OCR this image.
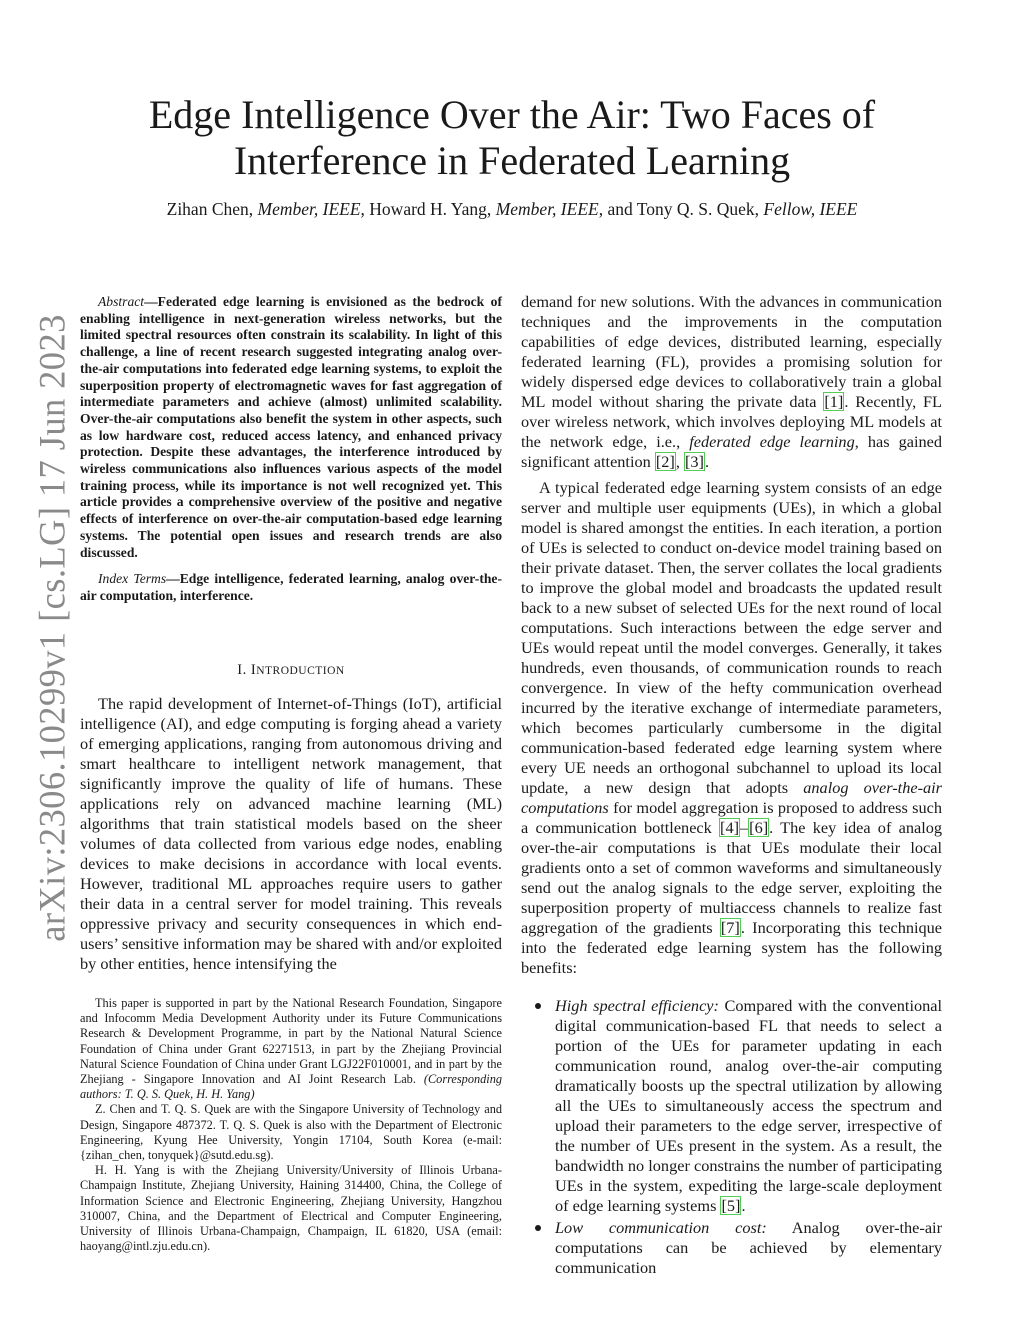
arXiv:2306.10299v1 [cs.LG] 17 Jun 2023
Edge Intelligence Over the Air: Two Faces of
Interference in Federated Learning
Zihan Chen, Member, IEEE, Howard H. Yang, Member, IEEE, and Tony Q. S. Quek, Fellow, IEEE

Abstract—Federated edge learning is envisioned as the bedrock of enabling intelligence in next-generation wireless networks, but the limited spectral resources often constrain its scalability. In light of this challenge, a line of recent research suggested integrating analog over-the-air computations into federated edge learning systems, to exploit the superposition property of electromagnetic waves for fast aggregation of intermediate parameters and achieve (almost) unlimited scalability. Over-the-air computations also benefit the system in other aspects, such as low hardware cost, reduced access latency, and enhanced privacy protection. Despite these advantages, the interference introduced by wireless communications also influences various aspects of the model training process, while its importance is not well recognized yet. This article provides a comprehensive overview of the positive and negative effects of interference on over-the-air computation-based edge learning systems. The potential open issues and research trends are also discussed.

Index Terms—Edge intelligence, federated learning, analog over-the-air computation, interference.

I. INTRODUCTION

The rapid development of Internet-of-Things (IoT), artificial intelligence (AI), and edge computing is forging ahead a variety of emerging applications, ranging from autonomous driving and smart healthcare to intelligent network management, that significantly improve the quality of life of humans. These applications rely on advanced machine learning (ML) algorithms that train statistical models based on the sheer volumes of data collected from various edge nodes, enabling devices to make decisions in accordance with local events. However, traditional ML approaches require users to gather their data in a central server for model training. This reveals oppressive privacy and security consequences in which end-users’ sensitive information may be shared with and/or exploited by other entities, hence intensifying the

This paper is supported in part by the National Research Foundation, Singapore and Infocomm Media Development Authority under its Future Communications Research & Development Programme, in part by the National Natural Science Foundation of China under Grant 62271513, in part by the Zhejiang Provincial Natural Science Foundation of China under Grant LGJ22F010001, and in part by the Zhejiang - Singapore Innovation and AI Joint Research Lab. (Corresponding authors: T. Q. S. Quek, H. H. Yang)

Z. Chen and T. Q. S. Quek are with the Singapore University of Technology and Design, Singapore 487372. T. Q. S. Quek is also with the Department of Electronic Engineering, Kyung Hee University, Yongin 17104, South Korea (e-mail: {zihan_chen, tonyquek}@sutd.edu.sg).

H. H. Yang is with the Zhejiang University/University of Illinois Urbana-Champaign Institute, Zhejiang University, Haining 314400, China, the College of Information Science and Electronic Engineering, Zhejiang University, Hangzhou 310007, China, and the Department of Electrical and Computer Engineering, University of Illinois Urbana-Champaign, Champaign, IL 61820, USA (email: haoyang@intl.zju.edu.cn).

demand for new solutions. With the advances in communication techniques and the improvements in the computation capabilities of edge devices, distributed learning, especially federated learning (FL), provides a promising solution for widely dispersed edge devices to collaboratively train a global ML model without sharing the private data [1]. Recently, FL over wireless network, which involves deploying ML models at the network edge, i.e., federated edge learning, has gained significant attention [2], [3].

A typical federated edge learning system consists of an edge server and multiple user equipments (UEs), in which a global model is shared amongst the entities. In each iteration, a portion of UEs is selected to conduct on-device model training based on their private dataset. Then, the server collates the local gradients to improve the global model and broadcasts the updated result back to a new subset of selected UEs for the next round of local computations. Such interactions between the edge server and UEs would repeat until the model converges. Generally, it takes hundreds, even thousands, of communication rounds to reach convergence. In view of the hefty communication overhead incurred by the iterative exchange of intermediate parameters, which becomes particularly cumbersome in the digital communication-based federated edge learning system where every UE needs an orthogonal subchannel to upload its local update, a new design that adopts analog over-the-air computations for model aggregation is proposed to address such a communication bottleneck [4]–[6]. The key idea of analog over-the-air computations is that UEs modulate their local gradients onto a set of common waveforms and simultaneously send out the analog signals to the edge server, exploiting the superposition property of multiaccess channels to realize fast aggregation of the gradients [7]. Incorporating this technique into the federated edge learning system has the following benefits:

High spectral efficiency: Compared with the conventional digital communication-based FL that needs to select a portion of the UEs for parameter updating in each communication round, analog over-the-air computing dramatically boosts up the spectral utilization by allowing all the UEs to simultaneously access the spectrum and upload their parameters to the edge server, irrespective of the number of UEs present in the system. As a result, the bandwidth no longer constrains the number of participating UEs in the system, expediting the large-scale deployment of edge learning systems [5].
Low communication cost: Analog over-the-air computations can be achieved by elementary communication
